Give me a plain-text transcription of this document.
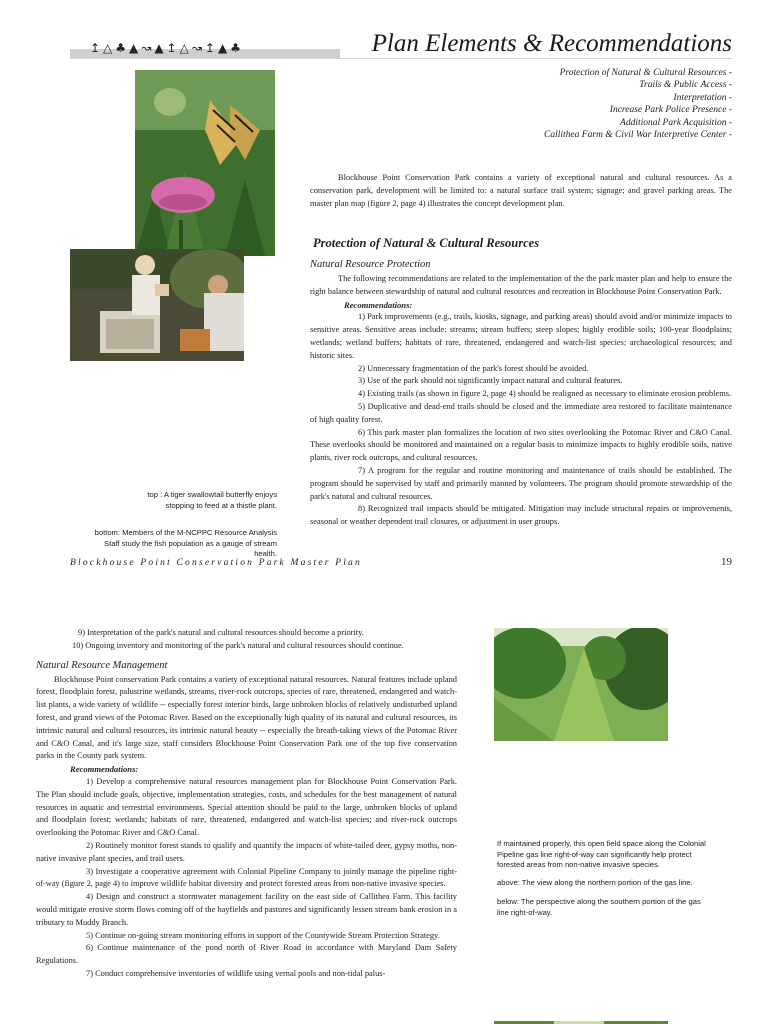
↥△♣▲↝▲↥△↝↥▲♣	Plan Elements & Recommendations
Protection of Natural & Cultural Resources -
Trails & Public Access -
Interpretation -
Increase Park Police Presence -
Additional Park Acquisition -
Callithea Farm & Civil War Interpretive Center -
top : A tiger swallowtail butterfly enjoys stopping to feed at a thistle plant.
bottom: Members of the M-NCPPC Resource Analysis Staff study the fish population as a gauge of stream health.

Blockhouse Point Conservation Park contains a variety of exceptional natural and cultural resources. As a conservation park, development will be limited to: a natural surface trail system; signage; and gravel parking areas. The master plan map (figure 2, page 4) illustrates the concept development plan.

Protection of Natural & Cultural Resources
Natural Resource Protection

The following recommendations are related to the implementation of the the park master plan and help to ensure the right balance between stewardship of natural and cultural resources and recreation in Blockhouse Point Conservation Park.

Recommendations:

1) Park improvements (e.g., trails, kiosks, signage, and parking areas) should avoid and/or minimize impacts to sensitive areas. Sensitive areas include: streams; stream buffers; steep slopes; highly erodible soils; 100-year floodplains; wetlands; wetland buffers; habitats of rare, threatened, endangered and watch-list species; archaeological resources; and historic sites.

2) Unnecessary fragmentation of the park's forest should be avoided.

3) Use of the park should not significantly impact natural and cultural features.

4) Existing trails (as shown in figure 2, page 4) should be realigned as necessary to eliminate erosion problems.

5) Duplicative and dead-end trails should be closed and the immediate area restored to facilitate maintenance of high quality forest.

6) This park master plan formalizes the location of two sites overlooking the Potomac River and C&O Canal. These overlooks should be monitored and maintained on a regular basis to minimize impacts to highly erodible soils, native plants, river rock outcrops, and cultural resources.

7) A program for the regular and routine monitoring and maintenance of trails should be established. The program should be supervised by staff and primarily manned by volunteers. The program should promote stewardship of the park's natural and cultural resources.

8) Recognized trail impacts should be mitigated. Mitigation may include structural repairs or improvements, seasonal or weather dependent trail closures, or adjustment in user groups.

Blockhouse Point Conservation Park Master Plan	19

9) Interpretation of the park's natural and cultural resources should become a priority.

10) Ongoing inventory and monitoring of the park's natural and cultural resources should continue.

Natural Resource Management

Blockhouse Point conservation Park contains a variety of exceptional natural resources. Natural features include upland forest, floodplain forest, palustrine wetlands, streams, river-rock outcrops, species of rare, threatened, endangered and watch-list plants, a wide variety of wildlife -- especially forest interior birds, large unbroken blocks of relatively undisturbed upland forest, and grand views of the Potomac River. Based on the exceptionally high quality of its natural and cultural resources, its intrinsic natural and cultural resources, its intrinsic natural beauty -- especially the breath-taking views of the Potomac River and C&O Canal, and it's large size, staff considers Blockhouse Point Conservation Park one of the top five conservation parks in the County park system.

Recommendations:

1) Develop a comprehensive natural resources management plan for Blockhouse Point Conservation Park. The Plan should include goals, objective, implementation strategies, costs, and schedules for the best management of natural resources in aquatic and terrestrial environments. Special attention should be paid to the large, unbroken blocks of upland and floodplain forest; wetlands; habitats of rare, threatened, endangered and watch-list species; and river-rock outcrops overlooking the Potomac River and C&O Canal.

2) Routinely monitor forest stands to qualify and quantify the impacts of white-tailed deer, gypsy moths, non-native invasive plant species, and trail users.

3) Investigate a cooperative agreement with Colonial Pipeline Company to jointly manage the pipeline right-of-way (figure 2, page 4) to improve wildlife habitat diversity and protect forested areas from non-native invasive species.

4) Design and construct a stormwater management facility on the east side of Callithea Farm. This facility would mitigate erosive storm flows coming off of the hayfields and pastures and significantly lessen stream bank erosion in a tributary to Muddy Branch.

5) Continue on-going stream monitoring efforts in support of the Countywide Stream Protection Strategy.

6) Continue maintenance of the pond north of River Road in accordance with Maryland Dam Safety Regulations.

7) Conduct comprehensive inventories of wildlife using vernal pools and non-tidal palus-

If maintained properly, this open field space along the Colonial Pipeline gas line right-of-way can significantly help protect forested areas from non-native invasive species.
above: The view along the northern portion of the gas line.
below: The perspective along the southern portion of the gas line right-of-way.
